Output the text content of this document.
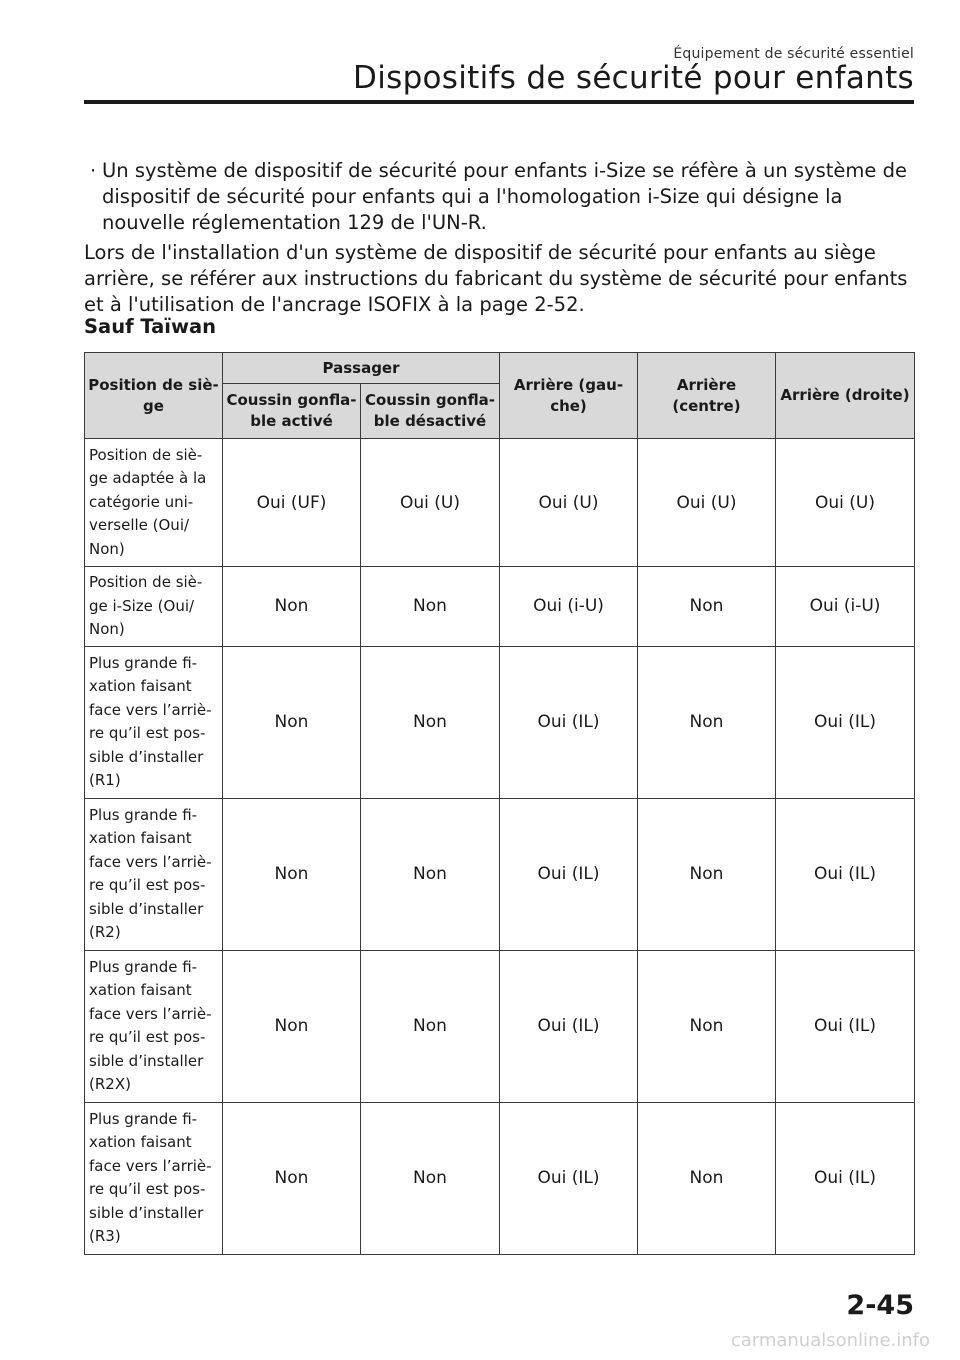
Équipement de sécurité essentiel
Dispositifs de sécurité pour enfants
· Un système de dispositif de sécurité pour enfants i-Size se réfère à un système de
dispositif de sécurité pour enfants qui a l'homologation i-Size qui désigne la
nouvelle réglementation 129 de l'UN-R.
Lors de l'installation d'un système de dispositif de sécurité pour enfants au siège
arrière, se référer aux instructions du fabricant du système de sécurité pour enfants
et à l'utilisation de l'ancrage ISOFIX à la page 2-52.
Sauf Taïwan
Position de siè-ge	Passager		Arrière (gau-che)	Arrière (centre)	Arrière (droite)
	Coussin gonfla-ble activé	Coussin gonfla-ble désactivé			
Position de siè-ge adaptée à la catégorie uni-verselle (Oui/ Non)	Oui (UF)	Oui (U)	Oui (U)	Oui (U)	Oui (U)
Position de siè-ge i-Size (Oui/ Non)	Non	Non	Oui (i-U)	Non	Oui (i-U)
Plus grande fi-xation faisant face vers l’arriè-re qu’il est pos-sible d’installer (R1)	Non	Non	Oui (IL)	Non	Oui (IL)
Plus grande fi-xation faisant face vers l’arriè-re qu’il est pos-sible d’installer (R2)	Non	Non	Oui (IL)	Non	Oui (IL)
Plus grande fi-xation faisant face vers l’arriè-re qu’il est pos-sible d’installer (R2X)	Non	Non	Oui (IL)	Non	Oui (IL)
Plus grande fi-xation faisant face vers l’arriè-re qu’il est pos-sible d’installer (R3)	Non	Non	Oui (IL)	Non	Oui (IL)
2-45
carmanualsonline.info
